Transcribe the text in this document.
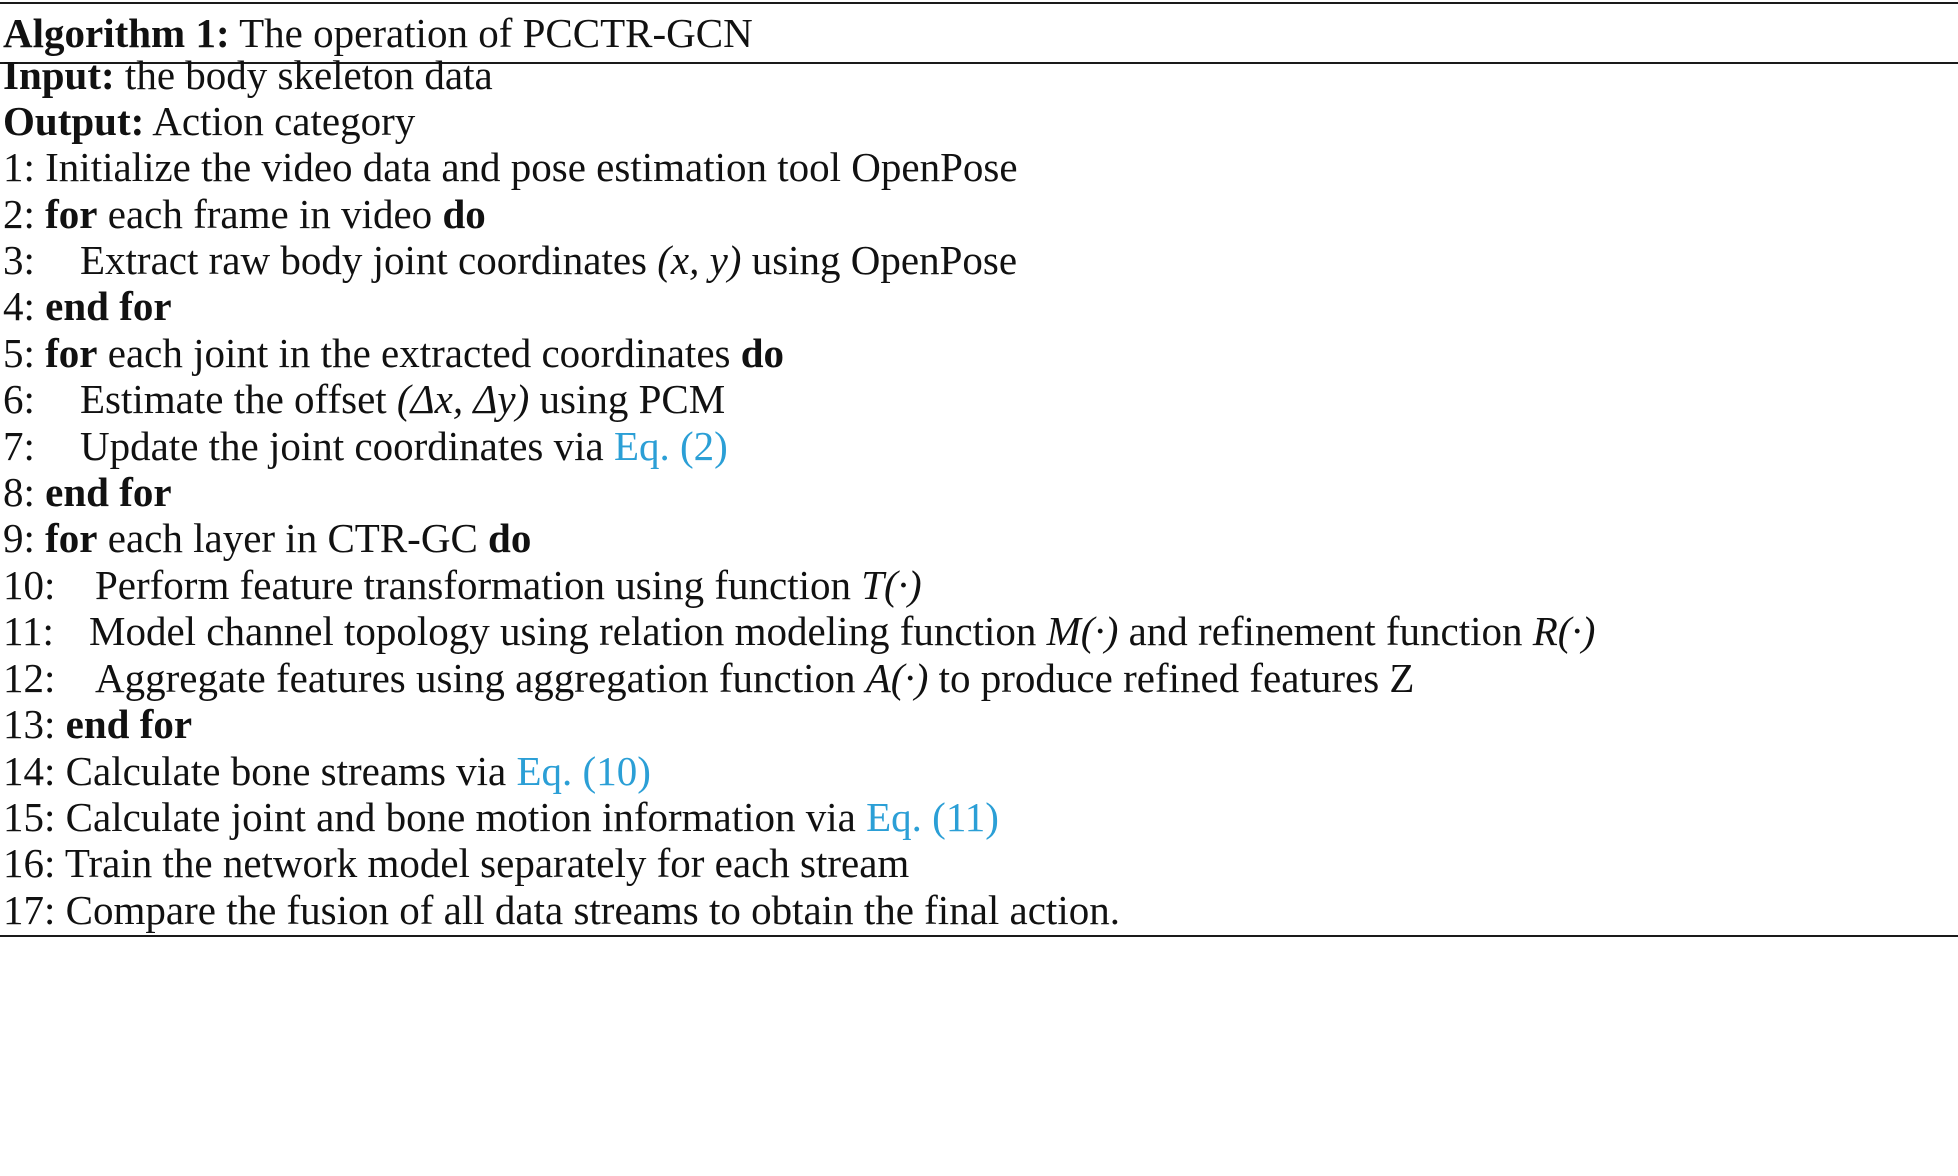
Algorithm 1: The operation of PCCTR-GCN
Input: the body skeleton data
Output: Action category
1: Initialize the video data and pose estimation tool OpenPose
2: for each frame in video do
3: Extract raw body joint coordinates (x, y) using OpenPose
4: end for
5: for each joint in the extracted coordinates do
6: Estimate the offset (Δx, Δy) using PCM
7: Update the joint coordinates via Eq. (2)
8: end for
9: for each layer in CTR-GC do
10: Perform feature transformation using function T(·)
11: Model channel topology using relation modeling function M(·) and refinement function R(·)
12: Aggregate features using aggregation function A(·) to produce refined features Z
13: end for
14: Calculate bone streams via Eq. (10)
15: Calculate joint and bone motion information via Eq. (11)
16: Train the network model separately for each stream
17: Compare the fusion of all data streams to obtain the final action.
